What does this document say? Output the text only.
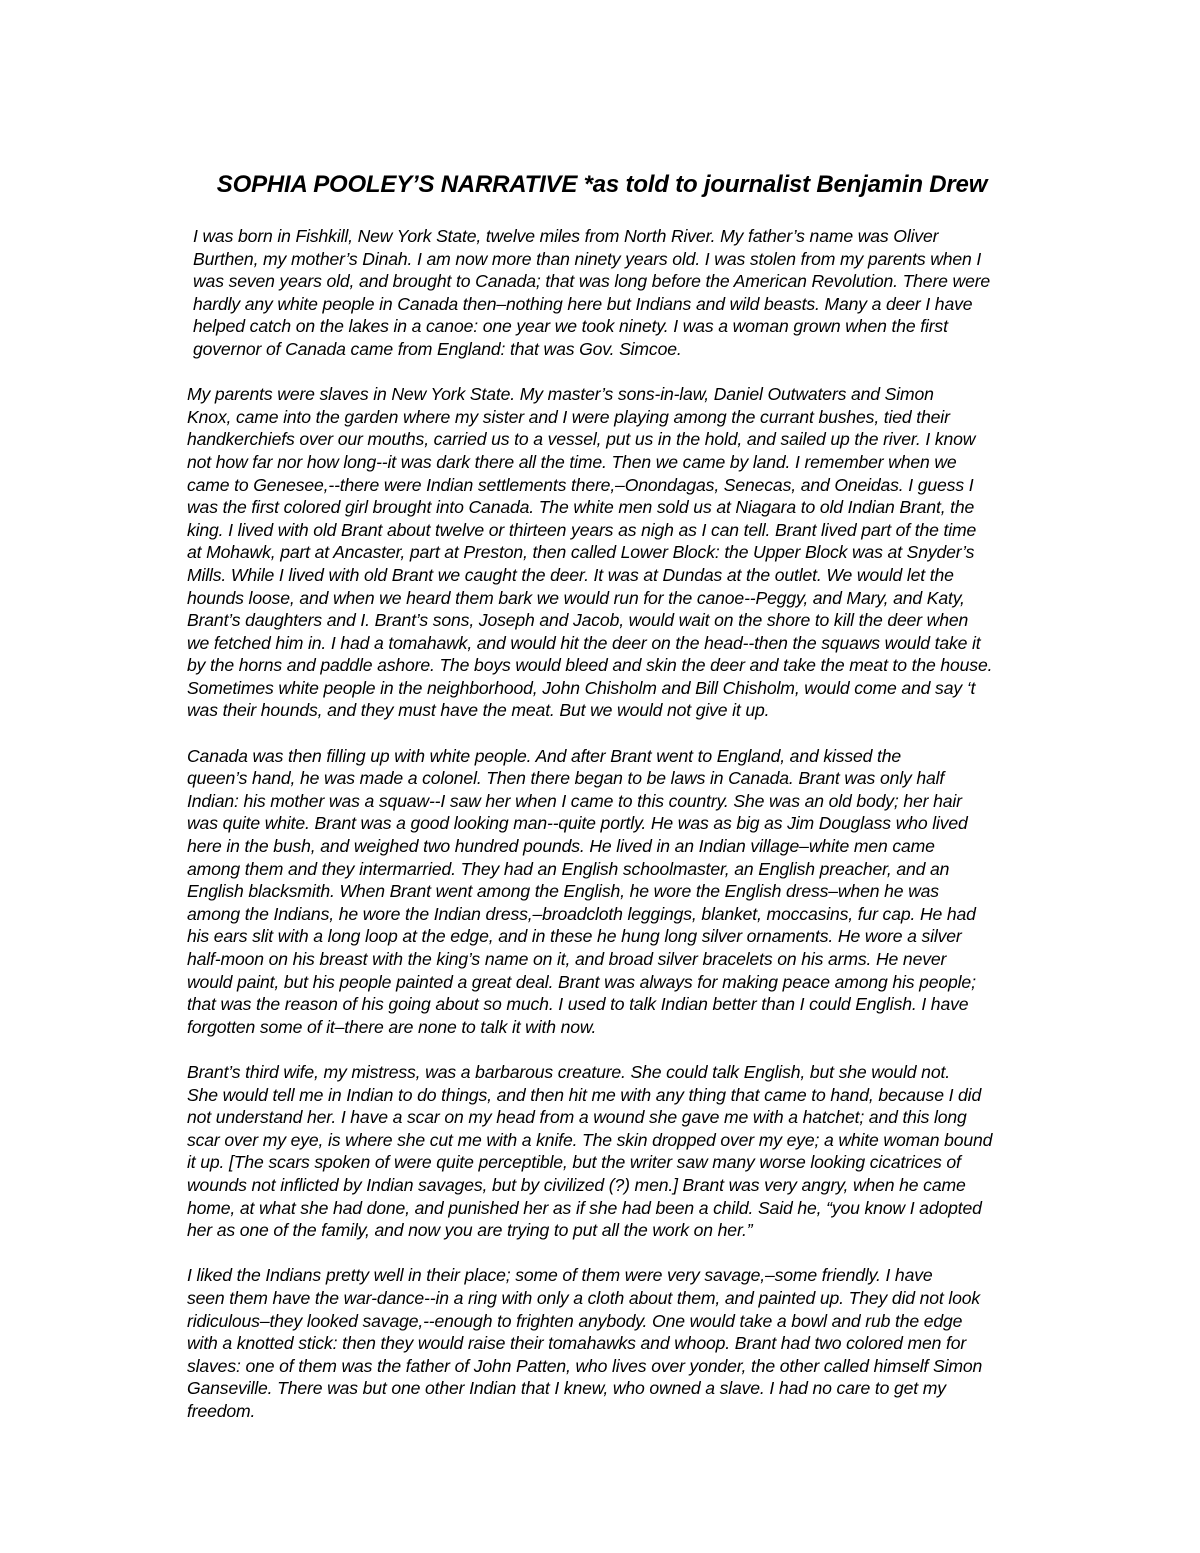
SOPHIA POOLEY’S NARRATIVE *as told to journalist Benjamin Drew

I was born in Fishkill, New York State, twelve miles from North River. My father’s name was Oliver
Burthen, my mother’s Dinah. I am now more than ninety years old. I was stolen from my parents when I
was seven years old, and brought to Canada; that was long before the American Revolution. There were
hardly any white people in Canada then–nothing here but Indians and wild beasts. Many a deer I have
helped catch on the lakes in a canoe: one year we took ninety. I was a woman grown when the first
governor of Canada came from England: that was Gov. Simcoe.

My parents were slaves in New York State. My master’s sons-in-law, Daniel Outwaters and Simon
Knox, came into the garden where my sister and I were playing among the currant bushes, tied their
handkerchiefs over our mouths, carried us to a vessel, put us in the hold, and sailed up the river. I know
not how far nor how long--it was dark there all the time. Then we came by land. I remember when we
came to Genesee,--there were Indian settlements there,–Onondagas, Senecas, and Oneidas. I guess I
was the first colored girl brought into Canada. The white men sold us at Niagara to old Indian Brant, the
king. I lived with old Brant about twelve or thirteen years as nigh as I can tell. Brant lived part of the time
at Mohawk, part at Ancaster, part at Preston, then called Lower Block: the Upper Block was at Snyder’s
Mills. While I lived with old Brant we caught the deer. It was at Dundas at the outlet. We would let the
hounds loose, and when we heard them bark we would run for the canoe--Peggy, and Mary, and Katy,
Brant’s daughters and I. Brant’s sons, Joseph and Jacob, would wait on the shore to kill the deer when
we fetched him in. I had a tomahawk, and would hit the deer on the head--then the squaws would take it
by the horns and paddle ashore. The boys would bleed and skin the deer and take the meat to the house.
Sometimes white people in the neighborhood, John Chisholm and Bill Chisholm, would come and say ‘t
was their hounds, and they must have the meat. But we would not give it up.

Canada was then filling up with white people. And after Brant went to England, and kissed the
queen’s hand, he was made a colonel. Then there began to be laws in Canada. Brant was only half
Indian: his mother was a squaw--I saw her when I came to this country. She was an old body; her hair
was quite white. Brant was a good looking man--quite portly. He was as big as Jim Douglass who lived
here in the bush, and weighed two hundred pounds. He lived in an Indian village–white men came
among them and they intermarried. They had an English schoolmaster, an English preacher, and an
English blacksmith. When Brant went among the English, he wore the English dress–when he was
among the Indians, he wore the Indian dress,–broadcloth leggings, blanket, moccasins, fur cap. He had
his ears slit with a long loop at the edge, and in these he hung long silver ornaments. He wore a silver
half-moon on his breast with the king’s name on it, and broad silver bracelets on his arms. He never
would paint, but his people painted a great deal. Brant was always for making peace among his people;
that was the reason of his going about so much. I used to talk Indian better than I could English. I have
forgotten some of it–there are none to talk it with now.

Brant’s third wife, my mistress, was a barbarous creature. She could talk English, but she would not.
She would tell me in Indian to do things, and then hit me with any thing that came to hand, because I did
not understand her. I have a scar on my head from a wound she gave me with a hatchet; and this long
scar over my eye, is where she cut me with a knife. The skin dropped over my eye; a white woman bound
it up. [The scars spoken of were quite perceptible, but the writer saw many worse looking cicatrices of
wounds not inflicted by Indian savages, but by civilized (?) men.] Brant was very angry, when he came
home, at what she had done, and punished her as if she had been a child. Said he, “you know I adopted
her as one of the family, and now you are trying to put all the work on her.”

I liked the Indians pretty well in their place; some of them were very savage,–some friendly. I have
seen them have the war-dance--in a ring with only a cloth about them, and painted up. They did not look
ridiculous–they looked savage,--enough to frighten anybody. One would take a bowl and rub the edge
with a knotted stick: then they would raise their tomahawks and whoop. Brant had two colored men for
slaves: one of them was the father of John Patten, who lives over yonder, the other called himself Simon
Ganseville. There was but one other Indian that I knew, who owned a slave. I had no care to get my
freedom.
